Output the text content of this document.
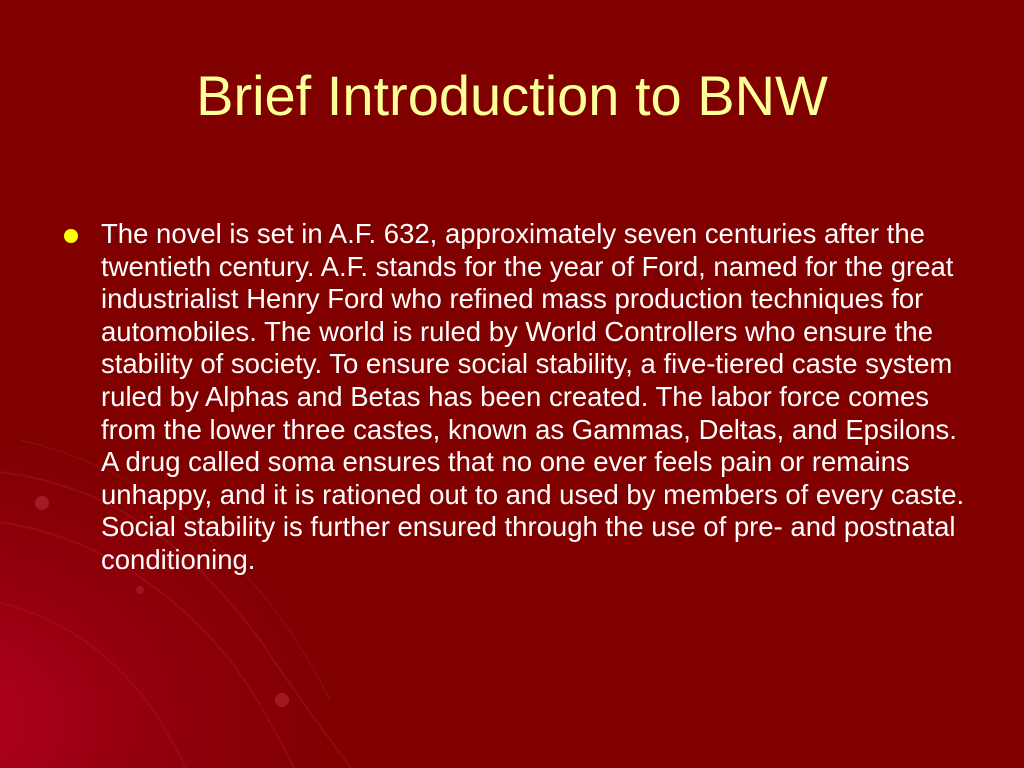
Brief Introduction to BNW
The novel is set in A.F. 632, approximately seven centuries after the twentieth century. A.F. stands for the year of Ford, named for the great industrialist Henry Ford who refined mass production techniques for automobiles. The world is ruled by World Controllers who ensure the stability of society. To ensure social stability, a five-tiered caste system ruled by Alphas and Betas has been created. The labor force comes from the lower three castes, known as Gammas, Deltas, and Epsilons. A drug called soma ensures that no one ever feels pain or remains unhappy, and it is rationed out to and used by members of every caste. Social stability is further ensured through the use of pre- and postnatal conditioning.
